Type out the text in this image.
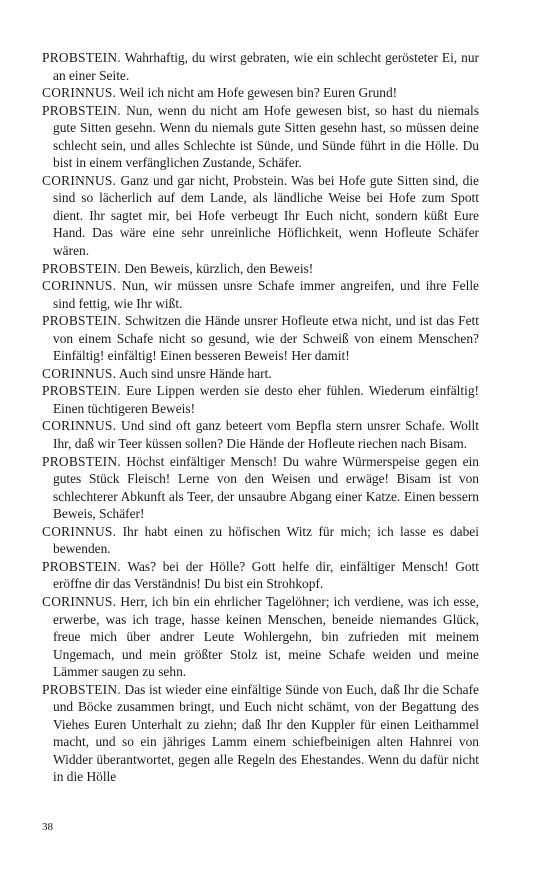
PROBSTEIN. Wahrhaftig, du wirst gebraten, wie ein schlecht gerösteter Ei, nur an einer Seite.

CORINNUS. Weil ich nicht am Hofe gewesen bin? Euren Grund!

PROBSTEIN. Nun, wenn du nicht am Hofe gewesen bist, so hast du niemals gute Sitten gesehn. Wenn du niemals gute Sitten gesehn hast, so müssen deine schlecht sein, und alles Schlechte ist Sünde, und Sünde führt in die Hölle. Du bist in einem verfänglichen Zustande, Schäfer.

CORINNUS. Ganz und gar nicht, Probstein. Was bei Hofe gute Sitten sind, die sind so lächerlich auf dem Lande, als ländliche Weise bei Hofe zum Spott dient. Ihr sagtet mir, bei Hofe verbeugt Ihr Euch nicht, sondern küßt Eure Hand. Das wäre eine sehr unreinliche Höflichkeit, wenn Hofleute Schäfer wären.

PROBSTEIN. Den Beweis, kürzlich, den Beweis!

CORINNUS. Nun, wir müssen unsre Schafe immer angreifen, und ihre Felle sind fettig, wie Ihr wißt.

PROBSTEIN. Schwitzen die Hände unsrer Hofleute etwa nicht, und ist das Fett von einem Schafe nicht so gesund, wie der Schweiß von einem Menschen? Einfältig! einfältig! Einen besseren Beweis! Her damit!

CORINNUS. Auch sind unsre Hände hart.

PROBSTEIN. Eure Lippen werden sie desto eher fühlen. Wiederum einfältig! Einen tüchtigeren Beweis!

CORINNUS. Und sind oft ganz beteert vom Bepfla stern unsrer Schafe. Wollt Ihr, daß wir Teer küssen sollen? Die Hände der Hofleute riechen nach Bisam.

PROBSTEIN. Höchst einfältiger Mensch! Du wahre Würmerspeise gegen ein gutes Stück Fleisch! Lerne von den Weisen und erwäge! Bisam ist von schlechterer Abkunft als Teer, der unsaubre Abgang einer Katze. Einen bessern Beweis, Schäfer!

CORINNUS. Ihr habt einen zu höfischen Witz für mich; ich lasse es dabei bewenden.

PROBSTEIN. Was? bei der Hölle? Gott helfe dir, einfältiger Mensch! Gott eröffne dir das Verständnis! Du bist ein Strohkopf.

CORINNUS. Herr, ich bin ein ehrlicher Tagelöhner; ich verdiene, was ich esse, erwerbe, was ich trage, hasse keinen Menschen, beneide niemandes Glück, freue mich über andrer Leute Wohlergehn, bin zufrieden mit meinem Ungemach, und mein größter Stolz ist, meine Schafe weiden und meine Lämmer saugen zu sehn.

PROBSTEIN. Das ist wieder eine einfältige Sünde von Euch, daß Ihr die Schafe und Böcke zusammen bringt, und Euch nicht schämt, von der Begattung des Viehes Euren Unterhalt zu ziehn; daß Ihr den Kuppler für einen Leithammel macht, und so ein jähriges Lamm einem schiefbeinigen alten Hahnrei von Widder überantwortet, gegen alle Regeln des Ehestandes. Wenn du dafür nicht in die Hölle

38
